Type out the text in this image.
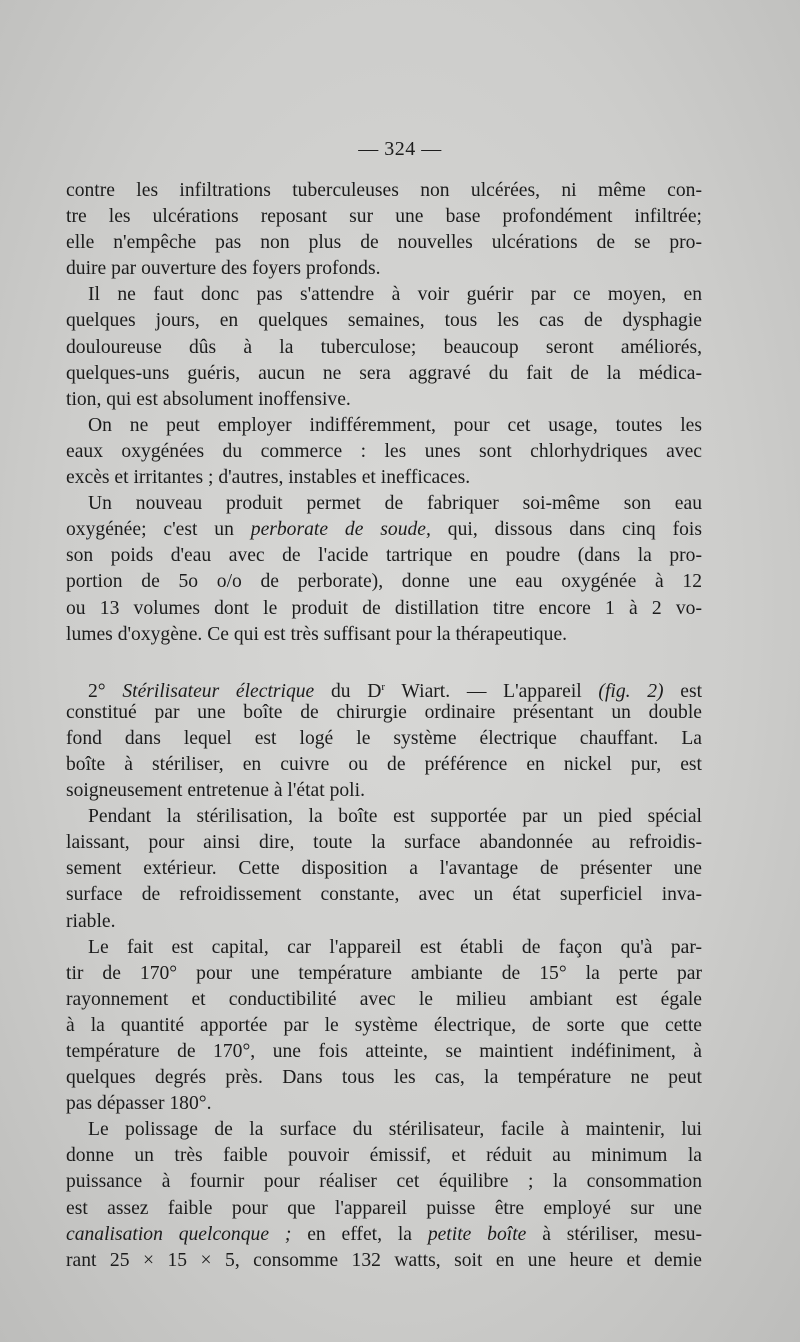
— 324 —
contre les infiltrations tuberculeuses non ulcérées, ni même con-
tre les ulcérations reposant sur une base profondément infiltrée;
elle n'empêche pas non plus de nouvelles ulcérations de se pro-
duire par ouverture des foyers profonds.
Il ne faut donc pas s'attendre à voir guérir par ce moyen, en
quelques jours, en quelques semaines, tous les cas de dysphagie
douloureuse dûs à la tuberculose; beaucoup seront améliorés,
quelques-uns guéris, aucun ne sera aggravé du fait de la médica-
tion, qui est absolument inoffensive.
On ne peut employer indifféremment, pour cet usage, toutes les
eaux oxygénées du commerce : les unes sont chlorhydriques avec
excès et irritantes ; d'autres, instables et inefficaces.
Un nouveau produit permet de fabriquer soi-même son eau
oxygénée; c'est un perborate de soude, qui, dissous dans cinq fois
son poids d'eau avec de l'acide tartrique en poudre (dans la pro-
portion de 5o o/o de perborate), donne une eau oxygénée à 12
ou 13 volumes dont le produit de distillation titre encore 1 à 2 vo-
lumes d'oxygène. Ce qui est très suffisant pour la thérapeutique.
2° Stérilisateur électrique du $D^r$ Wiart. — L'appareil (fig. 2) est
constitué par une boîte de chirurgie ordinaire présentant un double
fond dans lequel est logé le système électrique chauffant. La
boîte à stériliser, en cuivre ou de préférence en nickel pur, est
soigneusement entretenue à l'état poli.
Pendant la stérilisation, la boîte est supportée par un pied spécial
laissant, pour ainsi dire, toute la surface abandonnée au refroidis-
sement extérieur. Cette disposition a l'avantage de présenter une
surface de refroidissement constante, avec un état superficiel inva-
riable.
Le fait est capital, car l'appareil est établi de façon qu'à par-
tir de 170° pour une température ambiante de 15° la perte par
rayonnement et conductibilité avec le milieu ambiant est égale
à la quantité apportée par le système électrique, de sorte que cette
température de 170°, une fois atteinte, se maintient indéfiniment, à
quelques degrés près. Dans tous les cas, la température ne peut
pas dépasser 180°.
Le polissage de la surface du stérilisateur, facile à maintenir, lui
donne un très faible pouvoir émissif, et réduit au minimum la
puissance à fournir pour réaliser cet équilibre ; la consommation
est assez faible pour que l'appareil puisse être employé sur une
canalisation quelconque ; en effet, la petite boîte à stériliser, mesu-
rant 25 × 15 × 5, consomme 132 watts, soit en une heure et demie
